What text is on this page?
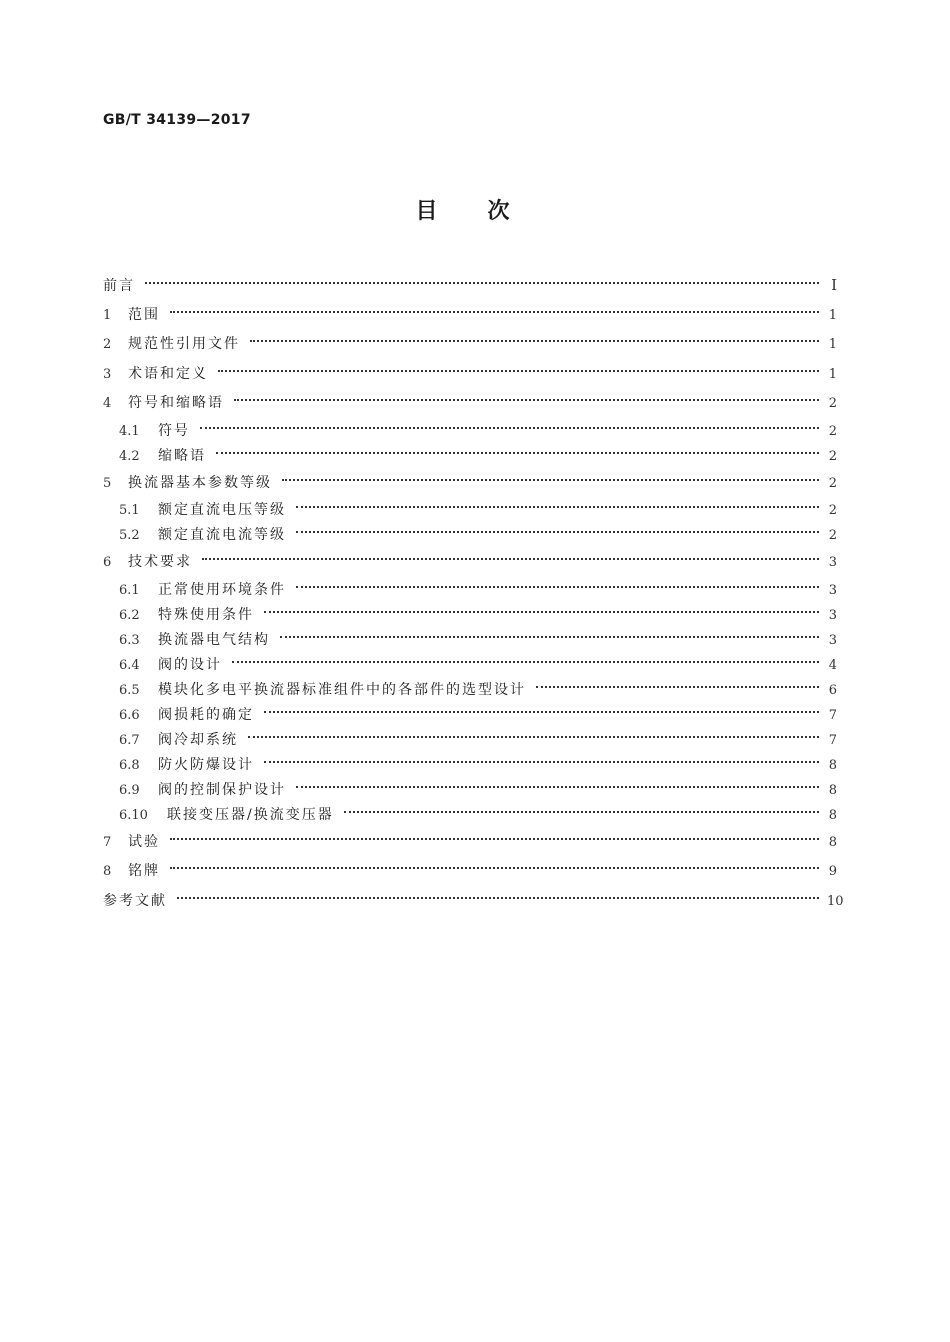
GB/T 34139—2017
目次
前言	Ⅰ
1	范围	1
2	规范性引用文件	1
3	术语和定义	1
4	符号和缩略语	2
4.1	符号	2
4.2	缩略语	2
5	换流器基本参数等级	2
5.1	额定直流电压等级	2
5.2	额定直流电流等级	2
6	技术要求	3
6.1	正常使用环境条件	3
6.2	特殊使用条件	3
6.3	换流器电气结构	3
6.4	阀的设计	4
6.5	模块化多电平换流器标准组件中的各部件的选型设计	6
6.6	阀损耗的确定	7
6.7	阀冷却系统	7
6.8	防火防爆设计	8
6.9	阀的控制保护设计	8
6.10	联接变压器/换流变压器	8
7	试验	8
8	铭牌	9
参考文献	10
